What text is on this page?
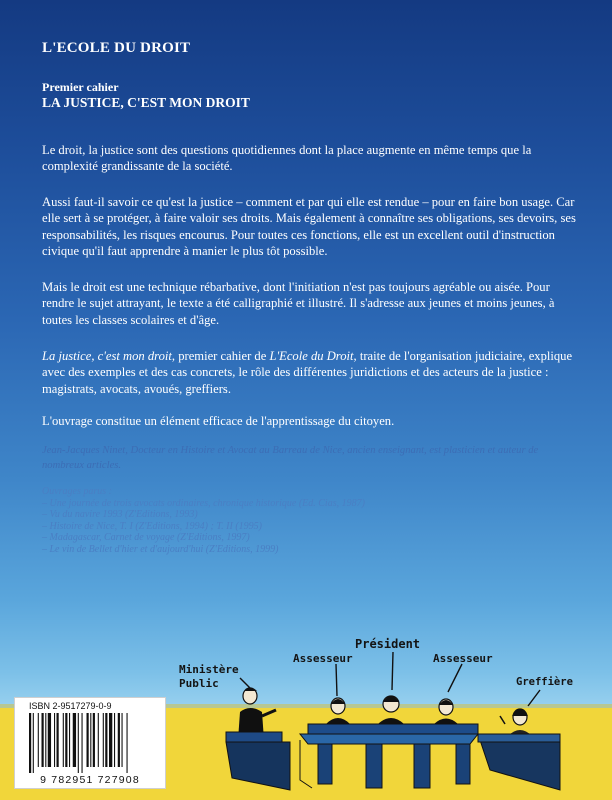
L'ECOLE DU DROIT
Premier cahier
LA JUSTICE, C'EST MON DROIT

Le droit, la justice sont des questions quotidiennes dont la place augmente en même temps que la complexité grandissante de la société.

Aussi faut-il savoir ce qu'est la justice – comment et par qui elle est rendue – pour en faire bon usage. Car elle sert à se protéger, à faire valoir ses droits. Mais également à connaître ses obligations, ses devoirs, ses responsabilités, les risques encourus. Pour toutes ces fonctions, elle est un excellent outil d'instruction civique qu'il faut apprendre à manier le plus tôt possible.

Mais le droit est une technique rébarbative, dont l'initiation n'est pas toujours agréable ou aisée. Pour rendre le sujet attrayant, le texte a été calligraphié et illustré. Il s'adresse aux jeunes et moins jeunes, à toutes les classes scolaires et d'âge.

La justice, c'est mon droit, premier cahier de L'Ecole du Droit, traite de l'organisation judiciaire, explique avec des exemples et des cas concrets, le rôle des différentes juridictions et des acteurs de la justice : magistrats, avocats, avoués, greffiers.

L'ouvrage constitue un élément efficace de l'apprentissage du citoyen.

Jean-Jacques Ninet, Docteur en Histoire et Avocat au Barreau de Nice, ancien enseignant, est plasticien et auteur de nombreux articles.
Ouvrages parus :
– Une journée de trois avocats ordinaires, chronique historique (Ed. Cias, 1987)
– Vu du navire 1993 (Z'Editions, 1993)
– Histoire de Nice, T. I (Z'Editions, 1994) ; T. II (1995)
– Madagascar, Carnet de voyage (Z'Editions, 1997)
– Le vin de Bellet d'hier et d'aujourd'hui (Z'Editions, 1999)
Ministère
Public
Assesseur
Président
Assesseur
Greffière
ISBN 2-9517279-0-9
9 782951 727908
